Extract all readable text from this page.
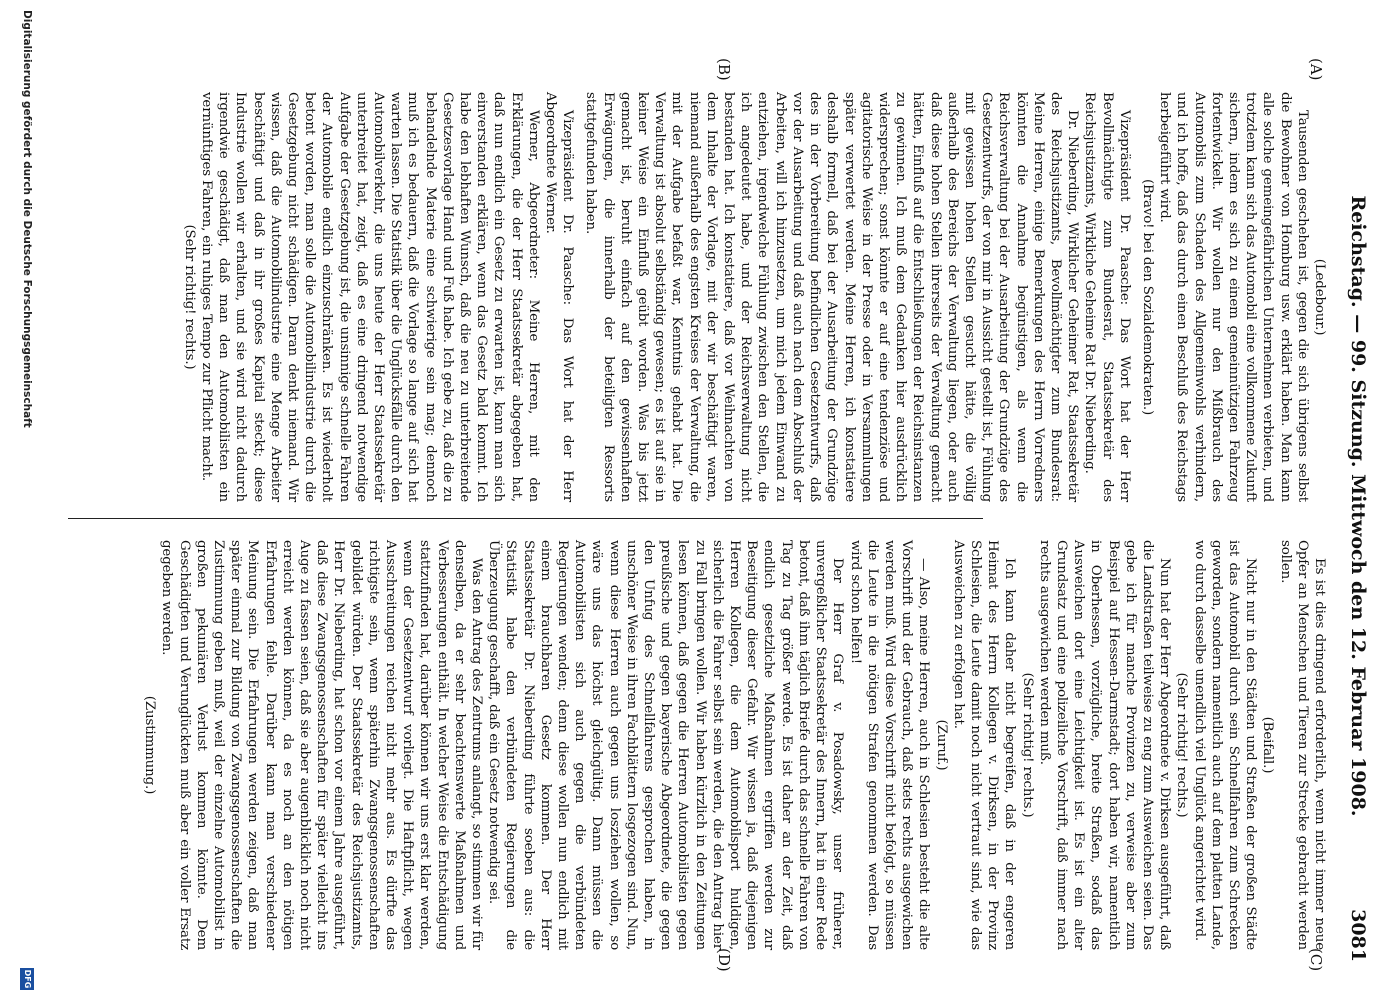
Reichstag. — 99. Sitzung. Mittwoch den 12. Februar 1908.
3081
(A)
(B)
(C)
(D)

(Ledebour.)

Tausenden geschehen ist, gegen die sich übrigens selbst die Bewohner von Homburg usw. erklärt haben. Man kann alle solche gemeingefährlichen Unternehmen verbieten, und trotzdem kann sich das Automobil eine vollkommene Zukunft sichern, indem es sich zu einem gemeinnützigen Fahrzeug fortentwickelt. Wir wollen nur den Mißbrauch des Automobils zum Schaden des Allgemeinwohls verhindern, und ich hoffe, daß das durch einen Beschluß des Reichstags herbeigeführt wird.

(Bravo! bei den Sozialdemokraten.)

Vizepräsident Dr. Paasche: Das Wort hat der Herr Bevollmächtigte zum Bundesrat, Staatssekretär des Reichsjustizamts, Wirkliche Geheime Rat Dr. Nieberding.

Dr. Nieberding, Wirklicher Geheimer Rat, Staatssekretär des Reichsjustizamts, Bevollmächtigter zum Bundesrat: Meine Herren, einige Bemerkungen des Herrn Vorredners könnten die Annahme begünstigen, als wenn die Reichsverwaltung bei der Ausarbeitung der Grundzüge des Gesetzentwurfs, der von mir in Aussicht gestellt ist, Fühlung mit gewissen hohen Stellen gesucht hätte, die völlig außerhalb des Bereichs der Verwaltung liegen, oder auch daß diese hohen Stellen ihrerseits der Verwaltung gemacht hätten, Einfluß auf die Entschließungen der Reichsinstanzen zu gewinnen. Ich muß dem Gedanken hier ausdrücklich widersprechen; sonst könnte er auf eine tendenziöse und agitatorische Weise in der Presse oder in Versammlungen später verwertet werden. Meine Herren, ich konstatiere deshalb formell, daß bei der Ausarbeitung der Grundzüge des in der Vorbereitung befindlichen Gesetzentwurfs, daß vor der Ausarbeitung und daß auch nach dem Abschluß der Arbeiten, will ich hinzusetzen, um mich jedem Einwand zu entziehen, irgendwelche Fühlung zwischen den Stellen, die ich angedeutet habe, und der Reichsverwaltung nicht bestanden hat. Ich konstatiere, daß vor Weihnachten von dem Inhalte der Vorlage, mit der wir beschäftigt waren, niemand außerhalb des engsten Kreises der Verwaltung, die mit der Aufgabe befaßt war, Kenntnis gehabt hat. Die Verwaltung ist absolut selbständig gewesen; es ist auf sie in keiner Weise ein Einfluß geübt worden. Was bis jetzt gemacht ist, beruht einfach auf den gewissenhaften Erwägungen, die innerhalb der beteiligten Ressorts stattgefunden haben.

Vizepräsident Dr. Paasche: Das Wort hat der Herr Abgeordnete Werner.

Werner, Abgeordneter: Meine Herren, mit den Erklärungen, die der Herr Staatssekretär abgegeben hat, daß nun endlich ein Gesetz zu erwarten ist, kann man sich einverstanden erklären, wenn das Gesetz bald kommt. Ich habe den lebhaften Wunsch, daß die neu zu unterbreitende Gesetzesvorlage Hand und Fuß habe. Ich gebe zu, daß die zu behandelnde Materie eine schwierige sein mag; dennoch muß ich es bedauern, daß die Vorlage so lange auf sich hat warten lassen. Die Statistik über die Unglücksfälle durch den Automobilverkehr, die uns heute der Herr Staatssekretär unterbreitet hat, zeigt, daß es eine dringend notwendige Aufgabe der Gesetzgebung ist, die unsinnige schnelle Fahren der Automobile endlich einzuschränken. Es ist wiederholt betont worden, man solle die Automobilindustrie durch die Gesetzgebung nicht schädigen. Daran denkt niemand. Wir wissen, daß die Automobilindustrie eine Menge Arbeiter beschäftigt und daß in ihr großes Kapital steckt; diese Industrie wollen wir erhalten, und sie wird nicht dadurch irgendwie geschädigt, daß man den Automobilisten ein vernünftiges Fahren, ein ruhiges Tempo zur Pflicht macht.

(Sehr richtig! rechts.)

Es ist dies dringend erforderlich, wenn nicht immer neue Opfer an Menschen und Tieren zur Strecke gebracht werden sollen.

(Beifall.)

Nicht nur in den Städten und Straßen der großen Städte ist das Automobil durch sein Schnellfahren zum Schrecken geworden, sondern namentlich auch auf dem platten Lande, wo durch dasselbe unendlich viel Unglück angerichtet wird.

(Sehr richtig! rechts.)

Nun hat der Herr Abgeordnete v. Dirksen ausgeführt, daß die Landstraßen teilweise zu eng zum Ausweichen seien. Das gebe ich für manche Provinzen zu, verweise aber zum Beispiel auf Hessen-Darmstadt; dort haben wir, namentlich in Oberhessen, vorzügliche, breite Straßen, sodaß das Ausweichen dort eine Leichtigkeit ist. Es ist ein alter Grundsatz und eine polizeiliche Vorschrift, daß immer nach rechts ausgewichen werden muß.

(Sehr richtig! rechts.)

Ich kann daher nicht begreifen, daß in der engeren Heimat des Herrn Kollegen v. Dirksen, in der Provinz Schlesien, die Leute damit noch nicht vertraut sind, wie das Ausweichen zu erfolgen hat.

(Zuruf.)

— Also, meine Herren, auch in Schlesien besteht die alte Vorschrift und der Gebrauch, daß stets rechts ausgewichen werden muß. Wird diese Vorschrift nicht befolgt, so müssen die Leute in die nötigen Strafen genommen werden. Das wird schon helfen!

Der Herr Graf v. Posadowsky, unser früherer, unvergeßlicher Staatssekretär des Innern, hat in einer Rede betont, daß ihm täglich Briefe durch das schnelle Fahren von Tag zu Tag größer werde. Es ist daher an der Zeit, daß endlich gesetzliche Maßnahmen ergriffen werden zur Beseitigung dieser Gefahr. Wir wissen ja, daß diejenigen Herren Kollegen, die dem Automobilsport huldigen, sicherlich die Fahrer selbst sein werden, die den Antrag hier zu Fall bringen wollen. Wir haben kürzlich in den Zeitungen lesen können, daß gegen die Herren Automobilisten gegen preußische und gegen bayerische Abgeordnete, die gegen den Unfug des Schnellfahrens gesprochen haben, in unschöner Weise in ihren Fachblättern losgezogen sind. Nun, wenn diese Herren auch gegen uns losziehen wollen, so wäre uns das höchst gleichgültig. Dann müssen die Automobilisten sich auch gegen die verbündeten Regierungen wenden; denn diese wollen nun endlich mit einem brauchbaren Gesetz kommen. Der Herr Staatssekretär Dr. Nieberding führte soeben aus: die Statistik habe den verbündeten Regierungen die Überzeugung geschafft, daß ein Gesetz notwendig sei.

Was den Antrag des Zentrums anlangt, so stimmen wir für denselben, da er sehr beachtenswerte Maßnahmen und Verbesserungen enthält. In welcher Weise die Entschädigung stattzufinden hat, darüber können wir uns erst klar werden, wenn der Gesetzentwurf vorliegt. Die Haftpflicht, wegen Ausschreitungen reichen nicht mehr aus. Es dürfte das richtigste sein, wenn späterhin Zwangsgenossenschaften gebildet würden. Der Staatssekretär des Reichsjustizamts, Herr Dr. Nieberding, hat schon vor einem Jahre ausgeführt, daß diese Zwangsgenossenschaften für später vielleicht ins Auge zu fassen seien, daß sie aber augenblicklich noch nicht erreicht werden können, da es noch an den nötigen Erfahrungen fehle. Darüber kann man verschiedener Meinung sein. Die Erfahrungen werden zeigen, daß man später einmal zur Bildung von Zwangsgenossenschaften die Zustimmung geben muß, weil der einzelne Automobilist in großen pekuniären Verlust kommen könnte. Dem Geschädigten und Verunglückten muß aber ein voller Ersatz gegeben werden.

(Zustimmung.)

Digitalisierung gefördert durch die Deutsche Forschungsgemeinschaft
DFG
